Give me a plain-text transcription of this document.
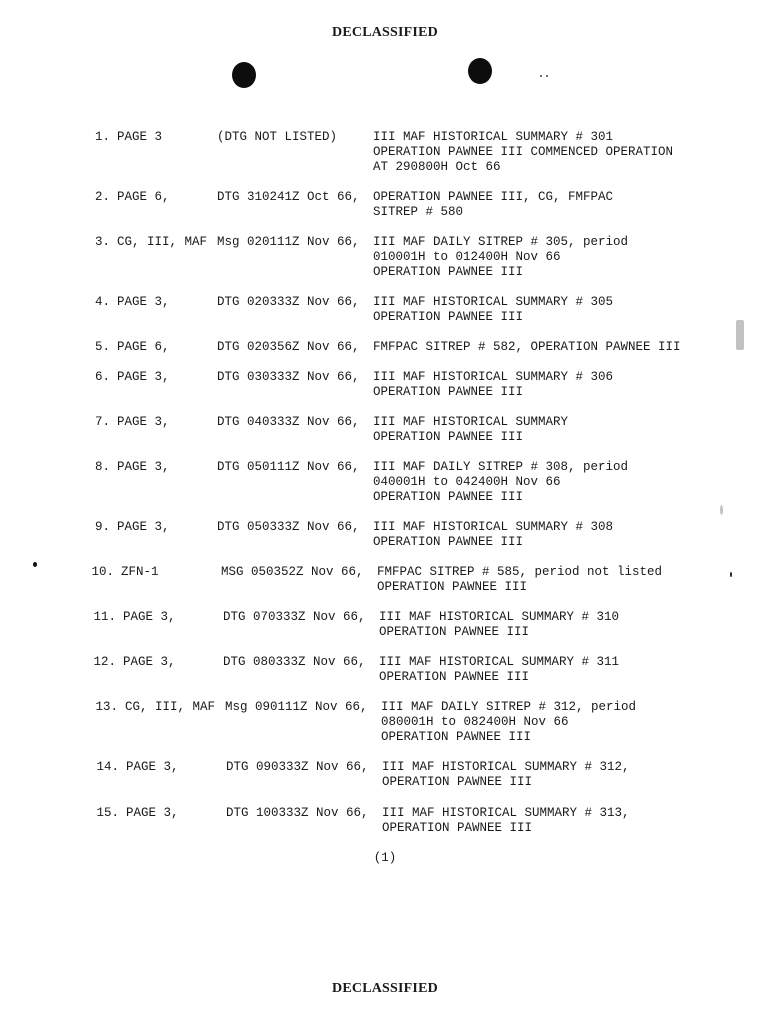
DECLASSIFIED
1. PAGE 3	(DTG NOT LISTED)	III MAF HISTORICAL SUMMARY # 301
OPERATION PAWNEE III COMMENCED OPERATION
AT 290800H Oct 66
2. PAGE 6,	DTG 310241Z Oct 66, OPERATION PAWNEE III, CG, FMFPAC
SITREP # 580
3. CG, III, MAF Msg 020111Z Nov 66, III MAF DAILY SITREP # 305, period
010001H to 012400H Nov 66
OPERATION PAWNEE III
4. PAGE 3,	DTG 020333Z Nov 66, III MAF HISTORICAL SUMMARY # 305
OPERATION PAWNEE III
5. PAGE 6,	DTG 020356Z Nov 66, FMFPAC SITREP # 582, OPERATION PAWNEE III
6. PAGE 3,	DTG 030333Z Nov 66, III MAF HISTORICAL SUMMARY # 306
OPERATION PAWNEE III
7. PAGE 3,	DTG 040333Z Nov 66, III MAF HISTORICAL SUMMARY
OPERATION PAWNEE III
8. PAGE 3,	DTG 050111Z Nov 66, III MAF DAILY SITREP # 308, period
040001H to 042400H Nov 66
OPERATION PAWNEE III
9. PAGE 3,	DTG 050333Z Nov 66, III MAF HISTORICAL SUMMARY # 308
OPERATION PAWNEE III
10. ZFN-1	MSG 050352Z Nov 66, FMFPAC SITREP # 585, period not listed
OPERATION PAWNEE III
11. PAGE 3,	DTG 070333Z Nov 66, III MAF HISTORICAL SUMMARY # 310
OPERATION PAWNEE III
12. PAGE 3,	DTG 080333Z Nov 66, III MAF HISTORICAL SUMMARY # 311
OPERATION PAWNEE III
13. CG, III, MAF Msg 090111Z Nov 66, III MAF DAILY SITREP # 312, period
080001H to 082400H Nov 66
OPERATION PAWNEE III
14. PAGE 3,	DTG 090333Z Nov 66, III MAF HISTORICAL SUMMARY # 312,
OPERATION PAWNEE III
15. PAGE 3,	DTG 100333Z Nov 66, III MAF HISTORICAL SUMMARY # 313,
OPERATION PAWNEE III
(1)
DECLASSIFIED
